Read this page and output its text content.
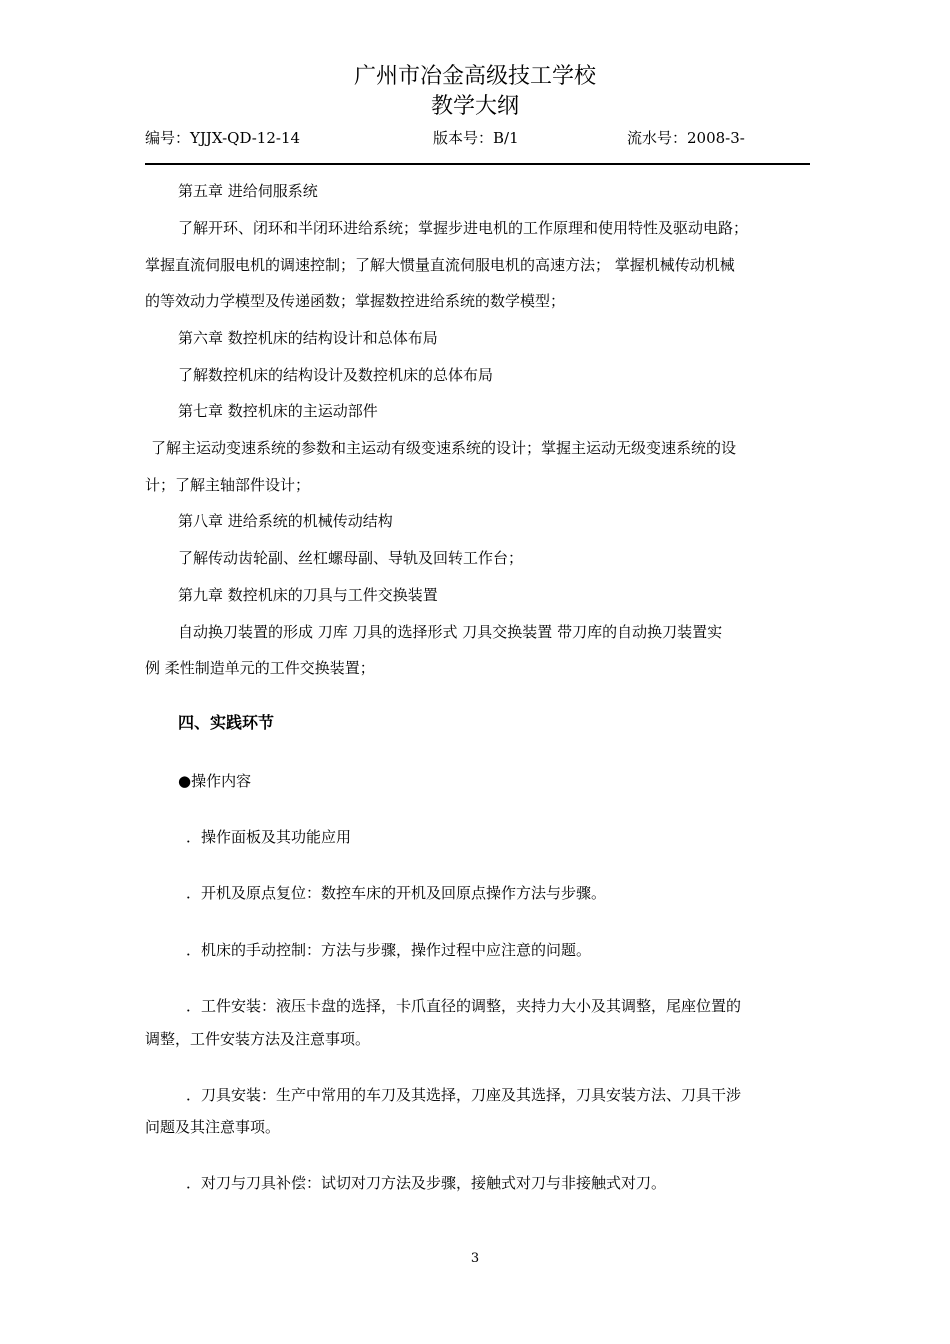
广州市冶金高级技工学校
教学大纲
编号：YJJX-QD-12-14	版本号：B/1	流水号：2008-3-
第五章 进给伺服系统
了解开环、闭环和半闭环进给系统；掌握步进电机的工作原理和使用特性及驱动电路；
掌握直流伺服电机的调速控制；了解大惯量直流伺服电机的高速方法； 掌握机械传动机械
的等效动力学模型及传递函数；掌握数控进给系统的数学模型；
第六章 数控机床的结构设计和总体布局
了解数控机床的结构设计及数控机床的总体布局
第七章 数控机床的主运动部件
了解主运动变速系统的参数和主运动有级变速系统的设计；掌握主运动无级变速系统的设
计；了解主轴部件设计；
第八章 进给系统的机械传动结构
了解传动齿轮副、丝杠螺母副、导轨及回转工作台；
第九章 数控机床的刀具与工件交换装置
自动换刀装置的形成 刀库 刀具的选择形式 刀具交换装置 带刀库的自动换刀装置实
例 柔性制造单元的工件交换装置；
四、实践环节
●操作内容
．操作面板及其功能应用
．开机及原点复位：数控车床的开机及回原点操作方法与步骤。
．机床的手动控制：方法与步骤，操作过程中应注意的问题。
．工件安装：液压卡盘的选择，卡爪直径的调整，夹持力大小及其调整，尾座位置的
调整，工件安装方法及注意事项。
．刀具安装：生产中常用的车刀及其选择，刀座及其选择，刀具安装方法、刀具干涉
问题及其注意事项。
．对刀与刀具补偿：试切对刀方法及步骤，接触式对刀与非接触式对刀。
3
